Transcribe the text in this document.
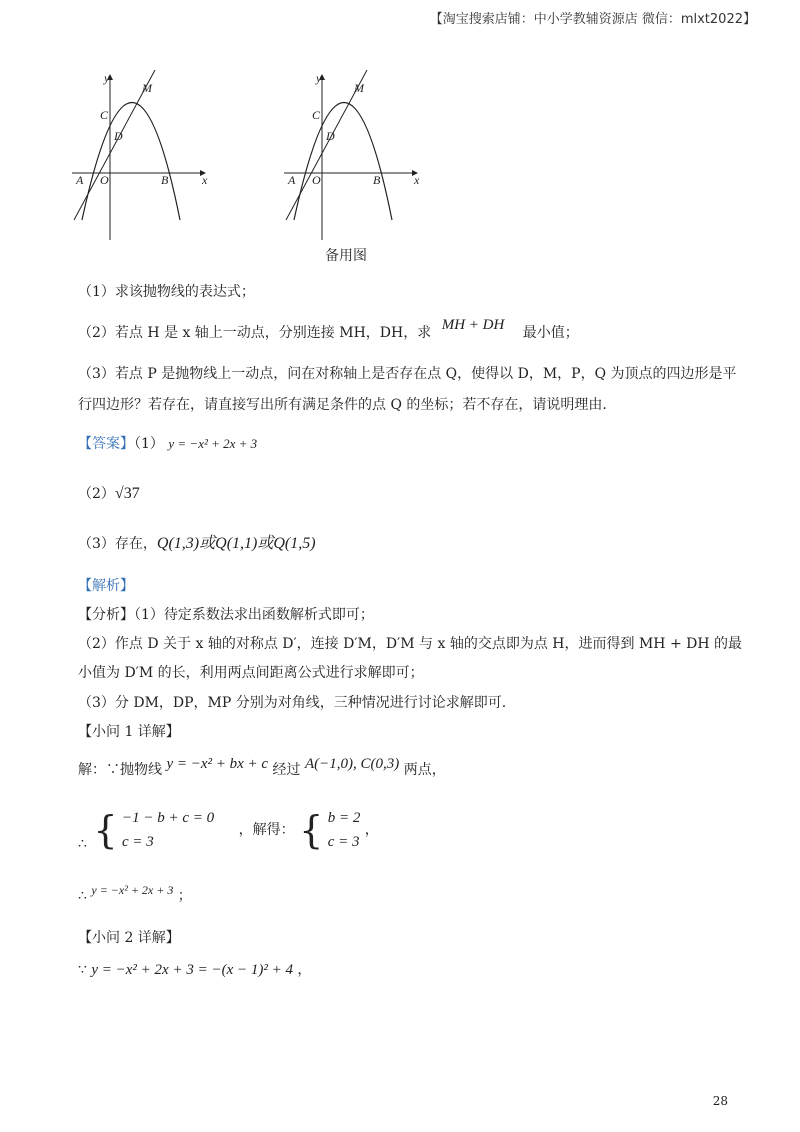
【淘宝搜索店铺：中小学教辅资源店 微信：mlxt2022】
y
x
M
C
D
A O	B
y
x
M
C
D
A O	B
备用图
（1）求该抛物线的表达式；
（2）若点 H 是 x 轴上一动点，分别连接 MH，DH，求 MH + DH 最小值；
（3）若点 P 是抛物线上一动点，问在对称轴上是否存在点 Q，使得以 D，M，P，Q 为顶点的四边形是平
行四边形？若存在，请直接写出所有满足条件的点 Q 的坐标；若不存在，请说明理由.
【答案】（1） y = −x² + 2x + 3
（2）√37
（3）存在，Q(1,3)或Q(1,1)或Q(1,5)
【解析】
【分析】（1）待定系数法求出函数解析式即可；
（2）作点 D 关于 x 轴的对称点 D′，连接 D′M，D′M 与 x 轴的交点即为点 H，进而得到 MH + DH 的最
小值为 D′M 的长，利用两点间距离公式进行求解即可；
（3）分 DM，DP，MP 分别为对角线，三种情况进行讨论求解即可.
【小问 1 详解】
解：∵抛物线 y = −x² + bx + c 经过 A(−1,0), C(0,3) 两点，
∴ { −1 − b + c = 0
c = 3
，解得： { b = 2
c = 3
，
∴ y = −x² + 2x + 3 ；
【小问 2 详解】
∵ y = −x² + 2x + 3 = −(x − 1)² + 4 ，
28
